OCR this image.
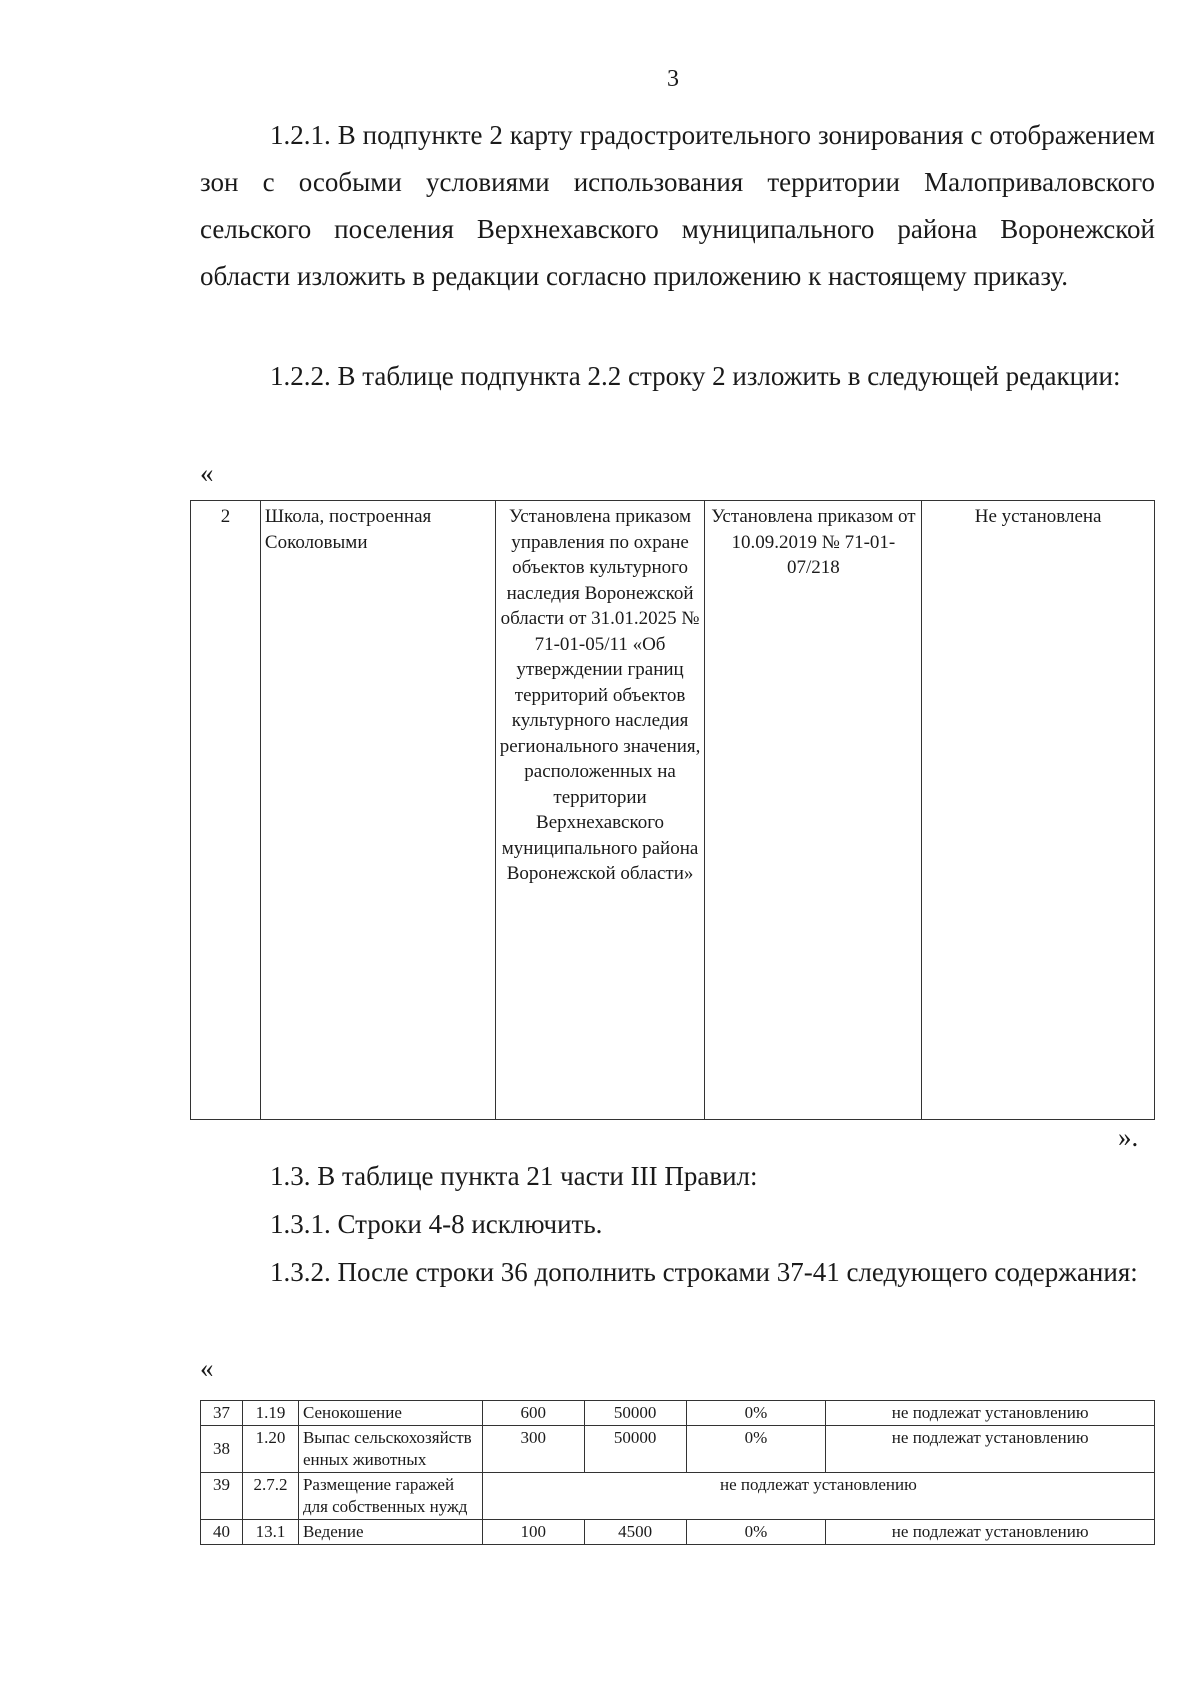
3
1.2.1. В подпункте 2 карту градостроительного зонирования с отображением зон с особыми условиями использования территории Малоприваловского сельского поселения Верхнехавского муниципального района Воронежской области изложить в редакции согласно приложению к настоящему приказу.
1.2.2. В таблице подпункта 2.2 строку 2 изложить в следующей редакции:
«
2	Школа, построенная Соколовыми	Установлена приказом управления по охране объектов культурного наследия Воронежской области от 31.01.2025 № 71-01-05/11 «Об утверждении границ территорий объектов культурного наследия регионального значения, расположенных на территории Верхнехавского муниципального района Воронежской области»	Установлена приказом от 10.09.2019 № 71-01-07/218	Не установлена
».
1.3. В таблице пункта 21 части III Правил:
1.3.1. Строки 4-8 исключить.
1.3.2. После строки 36 дополнить строками 37-41 следующего содержания:
«
37	1.19	Сенокошение	600	50000	0%	не подлежат установлению
38	1.20	Выпас сельскохозяйственных животных	300	50000	0%	не подлежат установлению
39	2.7.2	Размещение гаражей для собственных нужд	не подлежат установлению			
40	13.1	Ведение	100	4500	0%	не подлежат установлению
